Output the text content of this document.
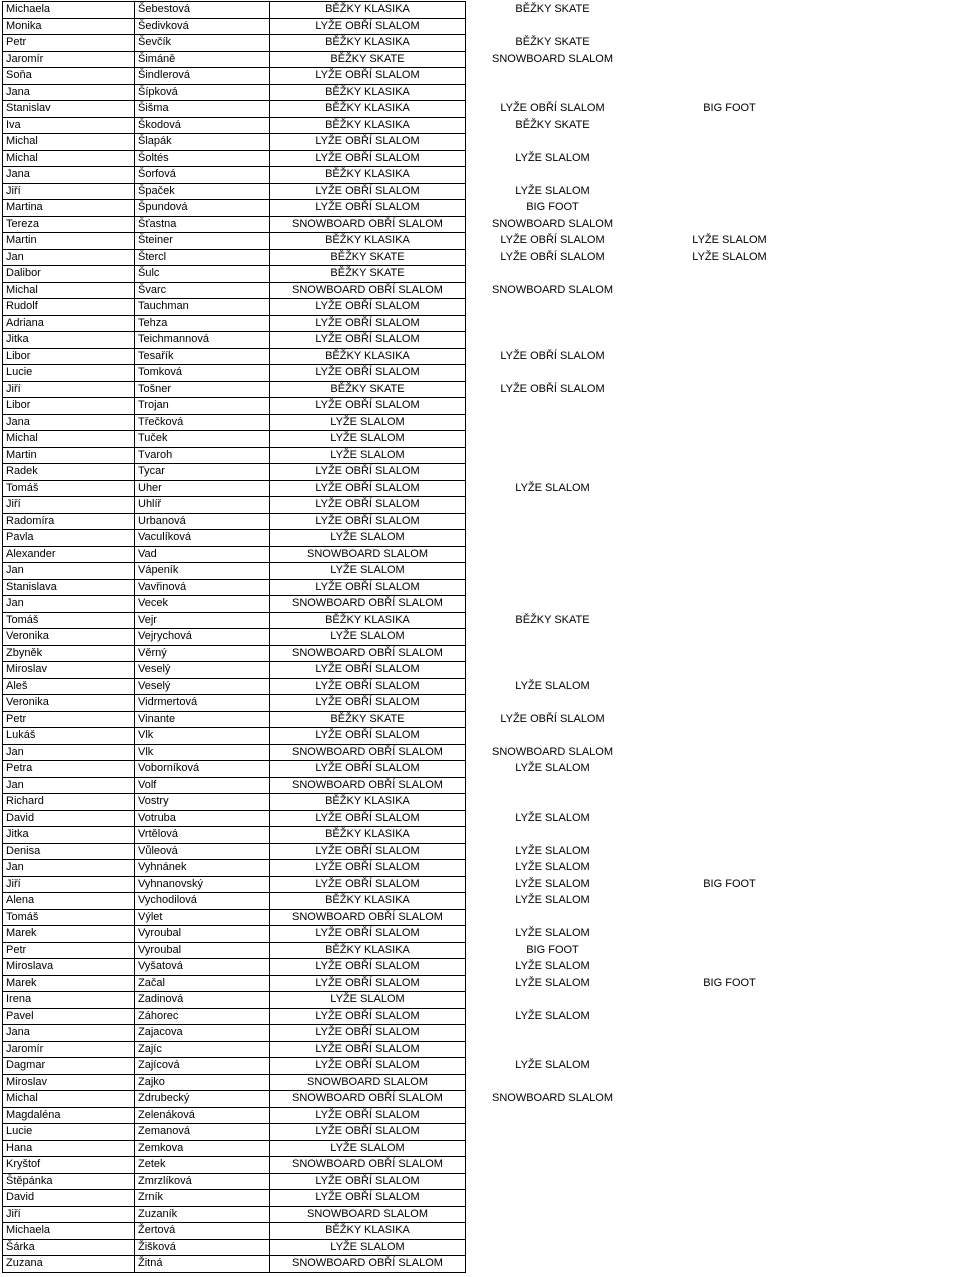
Michaela	Šebestová	BĚŽKY KLASIKA	BĚŽKY SKATE	
Monika	Šedivková	LYŽE OBŘÍ SLALOM		
Petr	Ševčík	BĚŽKY KLASIKA	BĚŽKY SKATE	
Jaromír	Šimáně	BĚŽKY SKATE	SNOWBOARD SLALOM	
Soňa	Šindlerová	LYŽE OBŘÍ SLALOM		
Jana	Šípková	BĚŽKY KLASIKA		
Stanislav	Šišma	BĚŽKY KLASIKA	LYŽE OBŘÍ SLALOM	BIG FOOT
Iva	Škodová	BĚŽKY KLASIKA	BĚŽKY SKATE	
Michal	Šlapák	LYŽE OBŘÍ SLALOM		
Michal	Šoltés	LYŽE OBŘÍ SLALOM	LYŽE SLALOM	
Jana	Šorfová	BĚŽKY KLASIKA		
Jiří	Špaček	LYŽE OBŘÍ SLALOM	LYŽE SLALOM	
Martina	Špundová	LYŽE OBŘÍ SLALOM	BIG FOOT	
Tereza	Šťastna	SNOWBOARD OBŘÍ SLALOM	SNOWBOARD SLALOM	
Martin	Šteiner	BĚŽKY KLASIKA	LYŽE OBŘÍ SLALOM	LYŽE SLALOM
Jan	Štercl	BĚŽKY SKATE	LYŽE OBŘÍ SLALOM	LYŽE SLALOM
Dalibor	Šulc	BĚŽKY SKATE		
Michal	Švarc	SNOWBOARD OBŘÍ SLALOM	SNOWBOARD SLALOM	
Rudolf	Tauchman	LYŽE OBŘÍ SLALOM		
Adriana	Tehza	LYŽE OBŘÍ SLALOM		
Jitka	Teichmannová	LYŽE OBŘÍ SLALOM		
Libor	Tesařík	BĚŽKY KLASIKA	LYŽE OBŘÍ SLALOM	
Lucie	Tomková	LYŽE OBŘÍ SLALOM		
Jiří	Tošner	BĚŽKY SKATE	LYŽE OBŘÍ SLALOM	
Libor	Trojan	LYŽE OBŘÍ SLALOM		
Jana	Třečková	LYŽE SLALOM		
Michal	Tuček	LYŽE SLALOM		
Martin	Tvaroh	LYŽE SLALOM		
Radek	Tycar	LYŽE OBŘÍ SLALOM		
Tomáš	Uher	LYŽE OBŘÍ SLALOM	LYŽE SLALOM	
Jiří	Uhlíř	LYŽE OBŘÍ SLALOM		
Radomíra	Urbanová	LYŽE OBŘÍ SLALOM		
Pavla	Vaculíková	LYŽE SLALOM		
Alexander	Vad	SNOWBOARD SLALOM		
Jan	Vápeník	LYŽE SLALOM		
Stanislava	Vavřinová	LYŽE OBŘÍ SLALOM		
Jan	Vecek	SNOWBOARD OBŘÍ SLALOM		
Tomáš	Vejr	BĚŽKY KLASIKA	BĚŽKY SKATE	
Veronika	Vejrychová	LYŽE SLALOM		
Zbyněk	Věrný	SNOWBOARD OBŘÍ SLALOM		
Miroslav	Veselý	LYŽE OBŘÍ SLALOM		
Aleš	Veselý	LYŽE OBŘÍ SLALOM	LYŽE SLALOM	
Veronika	Vidrmertová	LYŽE OBŘÍ SLALOM		
Petr	Vinante	BĚŽKY SKATE	LYŽE OBŘÍ SLALOM	
Lukáš	Vlk	LYŽE OBŘÍ SLALOM		
Jan	Vlk	SNOWBOARD OBŘÍ SLALOM	SNOWBOARD SLALOM	
Petra	Voborníková	LYŽE OBŘÍ SLALOM	LYŽE SLALOM	
Jan	Volf	SNOWBOARD OBŘÍ SLALOM		
Richard	Vostry	BĚŽKY KLASIKA		
David	Votruba	LYŽE OBŘÍ SLALOM	LYŽE SLALOM	
Jitka	Vrtělová	BĚŽKY KLASIKA		
Denisa	Vůleová	LYŽE OBŘÍ SLALOM	LYŽE SLALOM	
Jan	Vyhnánek	LYŽE OBŘÍ SLALOM	LYŽE SLALOM	
Jiří	Vyhnanovský	LYŽE OBŘÍ SLALOM	LYŽE SLALOM	BIG FOOT
Alena	Vychodilová	BĚŽKY KLASIKA	LYŽE SLALOM	
Tomáš	Výlet	SNOWBOARD OBŘÍ SLALOM		
Marek	Vyroubal	LYŽE OBŘÍ SLALOM	LYŽE SLALOM	
Petr	Vyroubal	BĚŽKY KLASIKA	BIG FOOT	
Miroslava	Vyšatová	LYŽE OBŘÍ SLALOM	LYŽE SLALOM	
Marek	Začal	LYŽE OBŘÍ SLALOM	LYŽE SLALOM	BIG FOOT
Irena	Zadinová	LYŽE SLALOM		
Pavel	Záhorec	LYŽE OBŘÍ SLALOM	LYŽE SLALOM	
Jana	Zajacova	LYŽE OBŘÍ SLALOM		
Jaromír	Zajíc	LYŽE OBŘÍ SLALOM		
Dagmar	Zajícová	LYŽE OBŘÍ SLALOM	LYŽE SLALOM	
Miroslav	Zajko	SNOWBOARD SLALOM		
Michal	Zdrubecký	SNOWBOARD OBŘÍ SLALOM	SNOWBOARD SLALOM	
Magdaléna	Zelenáková	LYŽE OBŘÍ SLALOM		
Lucie	Zemanová	LYŽE OBŘÍ SLALOM		
Hana	Zemkova	LYŽE SLALOM		
Kryštof	Zetek	SNOWBOARD OBŘÍ SLALOM		
Štěpánka	Zmrzlíková	LYŽE OBŘÍ SLALOM		
David	Zrník	LYŽE OBŘÍ SLALOM		
Jiří	Zuzaník	SNOWBOARD SLALOM		
Michaela	Žertová	BĚŽKY KLASIKA		
Šárka	Žišková	LYŽE SLALOM		
Zuzana	Žitná	SNOWBOARD OBŘÍ SLALOM		
